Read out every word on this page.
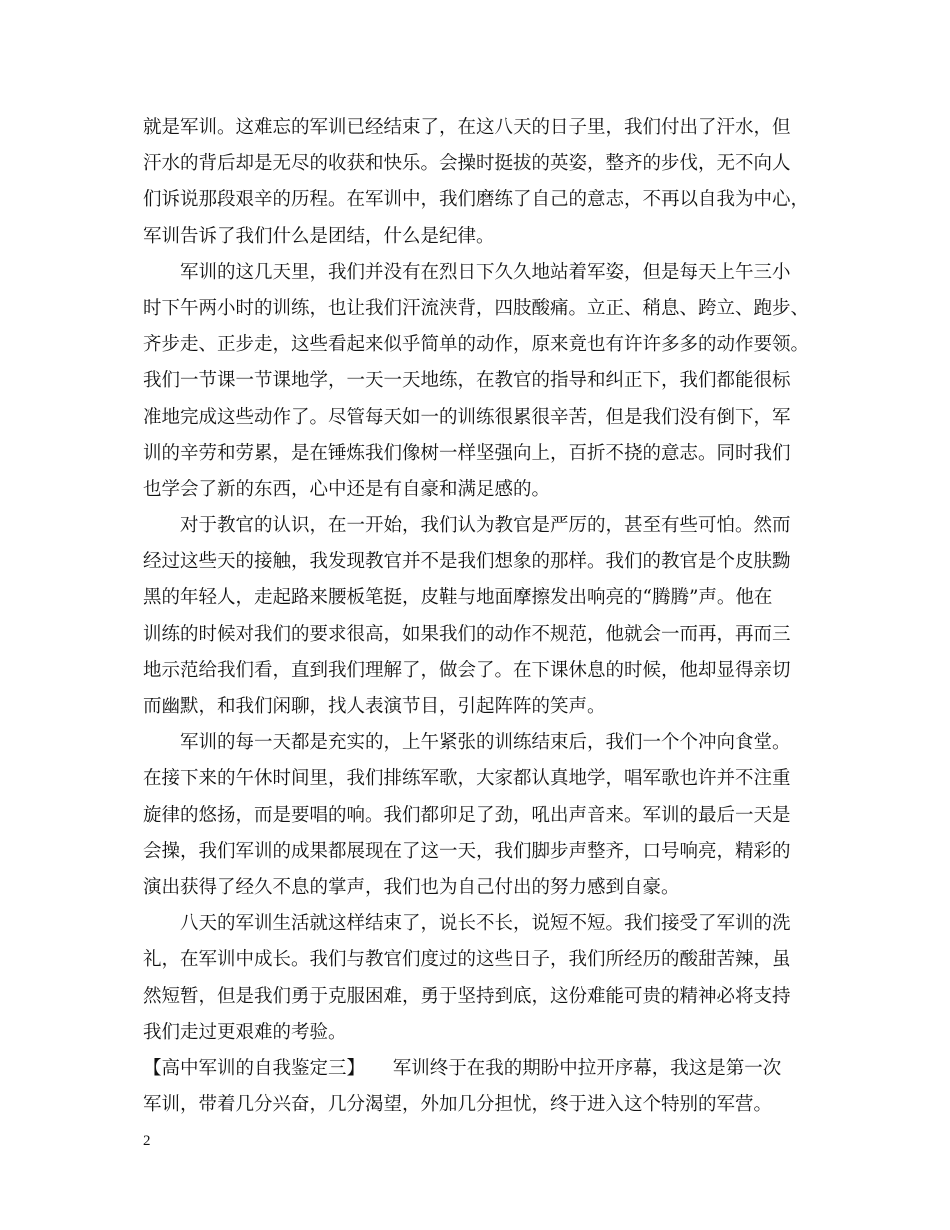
就是军训。这难忘的军训已经结束了，在这八天的日子里，我们付出了汗水，但
汗水的背后却是无尽的收获和快乐。会操时挺拔的英姿，整齐的步伐，无不向人
们诉说那段艰辛的历程。在军训中，我们磨练了自己的意志，不再以自我为中心，
军训告诉了我们什么是团结，什么是纪律。
　　军训的这几天里，我们并没有在烈日下久久地站着军姿，但是每天上午三小
时下午两小时的训练，也让我们汗流浃背，四肢酸痛。立正、稍息、跨立、跑步、
齐步走、正步走，这些看起来似乎简单的动作，原来竟也有许许多多的动作要领。
我们一节课一节课地学，一天一天地练，在教官的指导和纠正下，我们都能很标
准地完成这些动作了。尽管每天如一的训练很累很辛苦，但是我们没有倒下，军
训的辛劳和劳累，是在锤炼我们像树一样坚强向上，百折不挠的意志。同时我们
也学会了新的东西，心中还是有自豪和满足感的。
　　对于教官的认识，在一开始，我们认为教官是严厉的，甚至有些可怕。然而
经过这些天的接触，我发现教官并不是我们想象的那样。我们的教官是个皮肤黝
黑的年轻人，走起路来腰板笔挺，皮鞋与地面摩擦发出响亮的“腾腾”声。他在
训练的时候对我们的要求很高，如果我们的动作不规范，他就会一而再，再而三
地示范给我们看，直到我们理解了，做会了。在下课休息的时候，他却显得亲切
而幽默，和我们闲聊，找人表演节目，引起阵阵的笑声。
　　军训的每一天都是充实的，上午紧张的训练结束后，我们一个个冲向食堂。
在接下来的午休时间里，我们排练军歌，大家都认真地学，唱军歌也许并不注重
旋律的悠扬，而是要唱的响。我们都卯足了劲，吼出声音来。军训的最后一天是
会操，我们军训的成果都展现在了这一天，我们脚步声整齐，口号响亮，精彩的
演出获得了经久不息的掌声，我们也为自己付出的努力感到自豪。
　　八天的军训生活就这样结束了，说长不长，说短不短。我们接受了军训的洗
礼，在军训中成长。我们与教官们度过的这些日子，我们所经历的酸甜苦辣，虽
然短暂，但是我们勇于克服困难，勇于坚持到底，这份难能可贵的精神必将支持
我们走过更艰难的考验。
【高中军训的自我鉴定三】　　军训终于在我的期盼中拉开序幕，我这是第一次
军训，带着几分兴奋，几分渴望，外加几分担忧，终于进入这个特别的军营。
2
